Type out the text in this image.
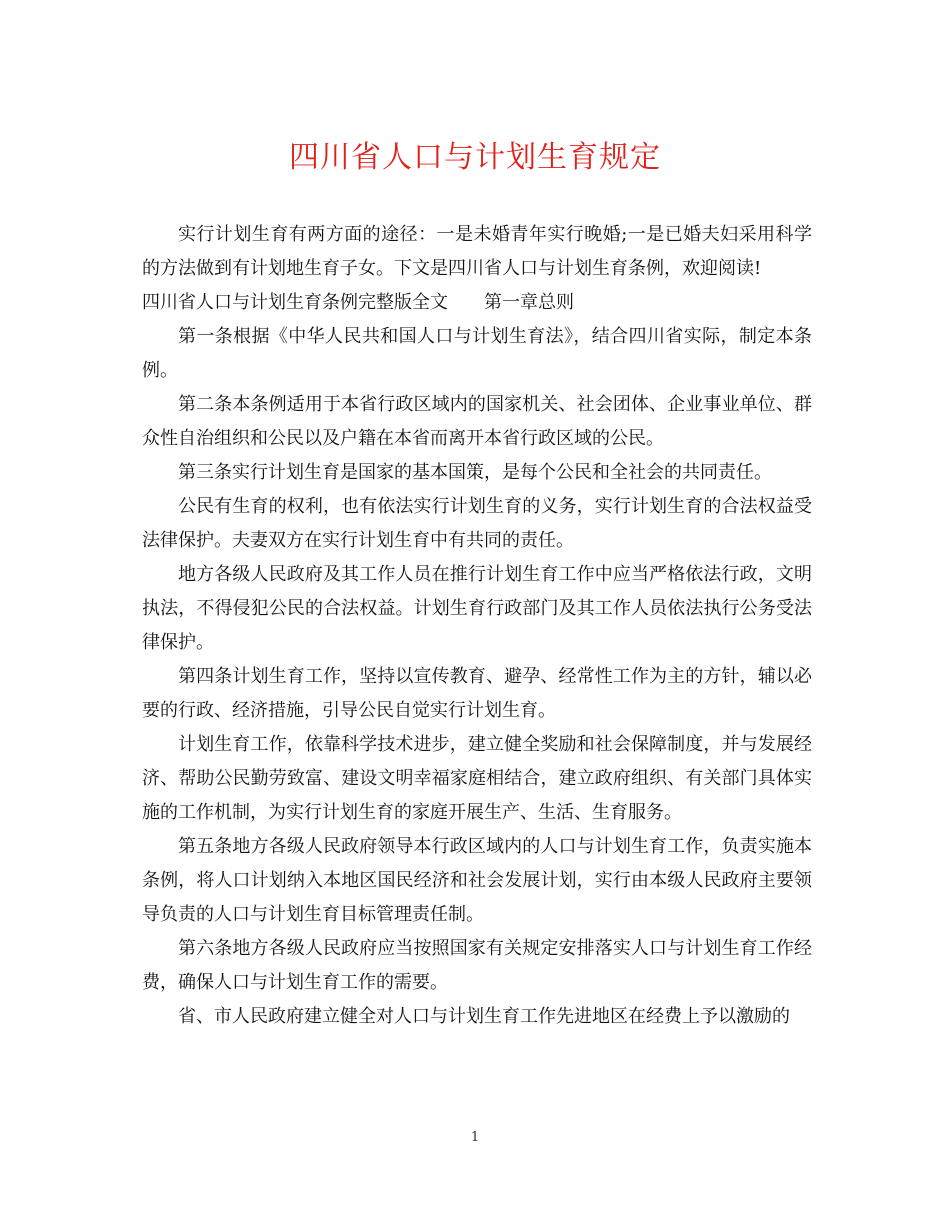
四川省人口与计划生育规定

实行计划生育有两方面的途径：一是未婚青年实行晚婚;一是已婚夫妇采用科学的方法做到有计划地生育子女。下文是四川省人口与计划生育条例，欢迎阅读!

四川省人口与计划生育条例完整版全文 第一章总则

第一条根据《中华人民共和国人口与计划生育法》，结合四川省实际，制定本条例。

第二条本条例适用于本省行政区域内的国家机关、社会团体、企业事业单位、群众性自治组织和公民以及户籍在本省而离开本省行政区域的公民。

第三条实行计划生育是国家的基本国策，是每个公民和全社会的共同责任。

公民有生育的权利，也有依法实行计划生育的义务，实行计划生育的合法权益受法律保护。夫妻双方在实行计划生育中有共同的责任。

地方各级人民政府及其工作人员在推行计划生育工作中应当严格依法行政，文明执法，不得侵犯公民的合法权益。计划生育行政部门及其工作人员依法执行公务受法律保护。

第四条计划生育工作，坚持以宣传教育、避孕、经常性工作为主的方针，辅以必要的行政、经济措施，引导公民自觉实行计划生育。

计划生育工作，依靠科学技术进步，建立健全奖励和社会保障制度，并与发展经济、帮助公民勤劳致富、建设文明幸福家庭相结合，建立政府组织、有关部门具体实施的工作机制，为实行计划生育的家庭开展生产、生活、生育服务。

第五条地方各级人民政府领导本行政区域内的人口与计划生育工作，负责实施本条例，将人口计划纳入本地区国民经济和社会发展计划，实行由本级人民政府主要领导负责的人口与计划生育目标管理责任制。

第六条地方各级人民政府应当按照国家有关规定安排落实人口与计划生育工作经费，确保人口与计划生育工作的需要。

省、市人民政府建立健全对人口与计划生育工作先进地区在经费上予以激励的

1
